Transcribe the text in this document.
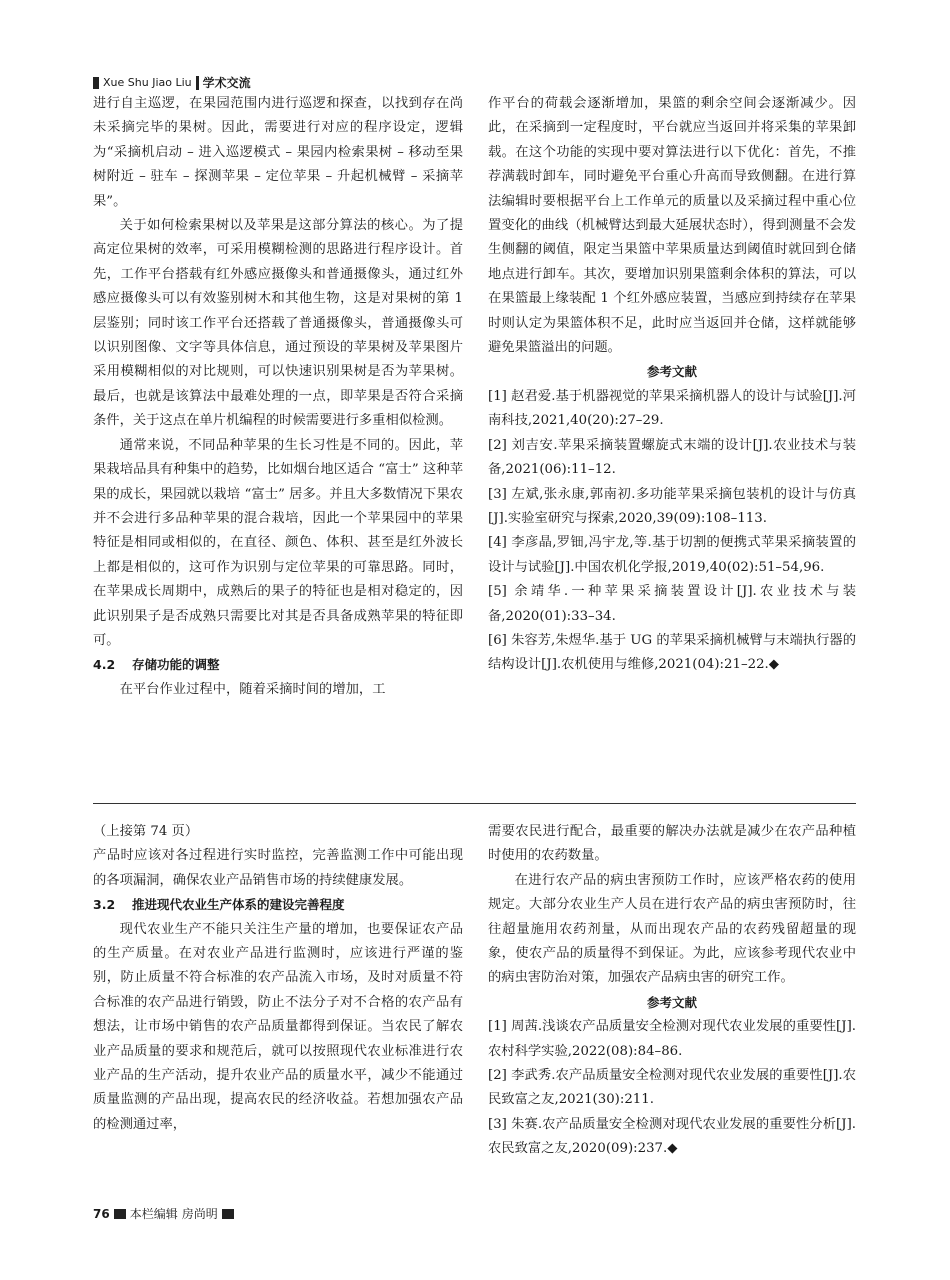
Xue Shu Jiao Liu 学术交流

进行自主巡逻，在果园范围内进行巡逻和探查，以找到存在尚未采摘完毕的果树。因此，需要进行对应的程序设定，逻辑为“采摘机启动 – 进入巡逻模式 – 果园内检索果树 – 移动至果树附近 – 驻车 – 探测苹果 – 定位苹果 – 升起机械臂 – 采摘苹果”。

关于如何检索果树以及苹果是这部分算法的核心。为了提高定位果树的效率，可采用模糊检测的思路进行程序设计。首先，工作平台搭载有红外感应摄像头和普通摄像头，通过红外感应摄像头可以有效鉴别树木和其他生物，这是对果树的第 1 层鉴别；同时该工作平台还搭载了普通摄像头，普通摄像头可以识别图像、文字等具体信息，通过预设的苹果树及苹果图片采用模糊相似的对比规则，可以快速识别果树是否为苹果树。最后，也就是该算法中最难处理的一点，即苹果是否符合采摘条件，关于这点在单片机编程的时候需要进行多重相似检测。

通常来说，不同品种苹果的生长习性是不同的。因此，苹果栽培品具有种集中的趋势，比如烟台地区适合 “富士” 这种苹果的成长，果园就以栽培 “富士” 居多。并且大多数情况下果农并不会进行多品种苹果的混合栽培，因此一个苹果园中的苹果特征是相同或相似的，在直径、颜色、体积、甚至是红外波长上都是相似的，这可作为识别与定位苹果的可靠思路。同时，在苹果成长周期中，成熟后的果子的特征也是相对稳定的，因此识别果子是否成熟只需要比对其是否具备成熟苹果的特征即可。

4.2　 存储功能的调整

在平台作业过程中，随着采摘时间的增加，工

作平台的荷载会逐渐增加，果篮的剩余空间会逐渐减少。因此，在采摘到一定程度时，平台就应当返回并将采集的苹果卸载。在这个功能的实现中要对算法进行以下优化：首先，不推荐满载时卸车，同时避免平台重心升高而导致侧翻。在进行算法编辑时要根据平台上工作单元的质量以及采摘过程中重心位置变化的曲线（机械臂达到最大延展状态时），得到测量不会发生侧翻的阈值，限定当果篮中苹果质量达到阈值时就回到仓储地点进行卸车。其次，要增加识别果篮剩余体积的算法，可以在果篮最上缘装配 1 个红外感应装置，当感应到持续存在苹果时则认定为果篮体积不足，此时应当返回并仓储，这样就能够避免果篮溢出的问题。

参考文献

[1] 赵君爱.基于机器视觉的苹果采摘机器人的设计与试验[J].河南科技,2021,40(20):27–29.

[2] 刘吉安.苹果采摘装置螺旋式末端的设计[J].农业技术与装备,2021(06):11–12.

[3] 左斌,张永康,郭南初.多功能苹果采摘包装机的设计与仿真[J].实验室研究与探索,2020,39(09):108–113.

[4] 李彦晶,罗钿,冯宇龙,等.基于切割的便携式苹果采摘装置的设计与试验[J].中国农机化学报,2019,40(02):51–54,96.

[5] 余靖华.一种苹果采摘装置设计[J].农业技术与装备,2020(01):33–34.

[6] 朱容芳,朱煜华.基于 UG 的苹果采摘机械臂与末端执行器的结构设计[J].农机使用与维修,2021(04):21–22.◆

（上接第 74 页）

产品时应该对各过程进行实时监控，完善监测工作中可能出现的各项漏洞，确保农业产品销售市场的持续健康发展。

3.2　 推进现代农业生产体系的建设完善程度

现代农业生产不能只关注生产量的增加，也要保证农产品的生产质量。在对农业产品进行监测时，应该进行严谨的鉴别，防止质量不符合标准的农产品流入市场，及时对质量不符合标准的农产品进行销毁，防止不法分子对不合格的农产品有想法，让市场中销售的农产品质量都得到保证。当农民了解农业产品质量的要求和规范后，就可以按照现代农业标准进行农业产品的生产活动，提升农业产品的质量水平，减少不能通过质量监测的产品出现，提高农民的经济收益。若想加强农产品的检测通过率，

需要农民进行配合，最重要的解决办法就是减少在农产品种植时使用的农药数量。

在进行农产品的病虫害预防工作时，应该严格农药的使用规定。大部分农业生产人员在进行农产品的病虫害预防时，往往超量施用农药剂量，从而出现农产品的农药残留超量的现象，使农产品的质量得不到保证。为此，应该参考现代农业中的病虫害防治对策，加强农产品病虫害的研究工作。

参考文献

[1] 周茜.浅谈农产品质量安全检测对现代农业发展的重要性[J].农村科学实验,2022(08):84–86.

[2] 李武秀.农产品质量安全检测对现代农业发展的重要性[J].农民致富之友,2021(30):211.

[3] 朱赛.农产品质量安全检测对现代农业发展的重要性分析[J].农民致富之友,2020(09):237.◆

76 本栏编辑 房尚明
